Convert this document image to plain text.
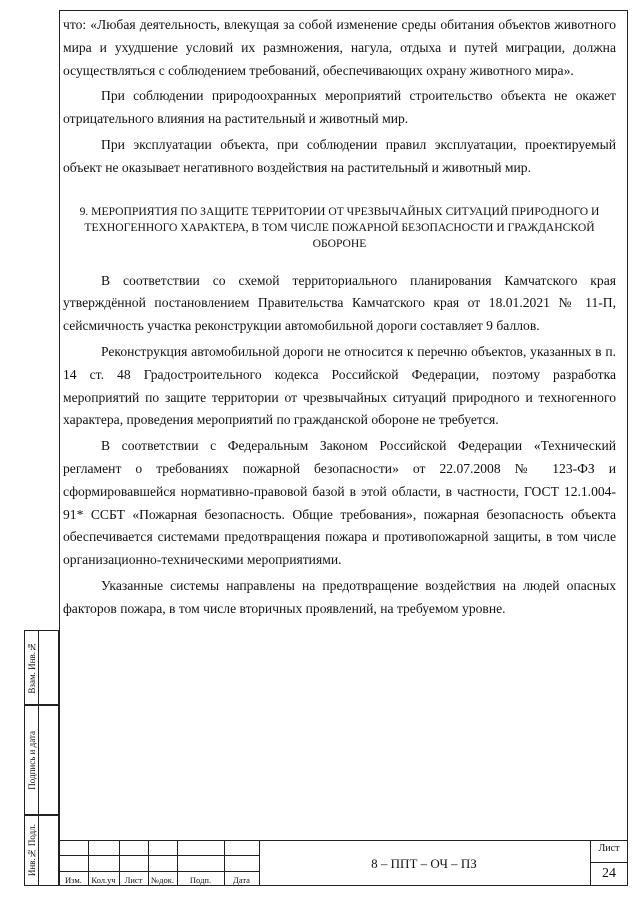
что: «Любая деятельность, влекущая за собой изменение среды обитания объектов животного мира и ухудшение условий их размножения, нагула, отдыха и путей миграции, должна осуществляться с соблюдением требований, обеспечивающих охрану животного мира».

При соблюдении природоохранных мероприятий строительство объекта не окажет отрицательного влияния на растительный и животный мир.

При эксплуатации объекта, при соблюдении правил эксплуатации, проектируемый объект не оказывает негативного воздействия на растительный и животный мир.

9. МЕРОПРИЯТИЯ ПО ЗАЩИТЕ ТЕРРИТОРИИ ОТ ЧРЕЗВЫЧАЙНЫХ СИТУАЦИЙ ПРИРОДНОГО И ТЕХНОГЕННОГО ХАРАКТЕРА, В ТОМ ЧИСЛЕ ПОЖАРНОЙ БЕЗОПАСНОСТИ И ГРАЖДАНСКОЙ ОБОРОНЕ

В соответствии со схемой территориального планирования Камчатского края утверждённой постановлением Правительства Камчатского края от 18.01.2021 № 11-П, сейсмичность участка реконструкции автомобильной дороги составляет 9 баллов.

Реконструкция автомобильной дороги не относится к перечню объектов, указанных в п. 14 ст. 48 Градостроительного кодекса Российской Федерации, поэтому разработка мероприятий по защите территории от чрезвычайных ситуаций природного и техногенного характера, проведения мероприятий по гражданской обороне не требуется.

В соответствии с Федеральным Законом Российской Федерации «Технический регламент о требованиях пожарной безопасности» от 22.07.2008 № 123-ФЗ и сформировавшейся нормативно-правовой базой в этой области, в частности, ГОСТ 12.1.004-91* ССБТ «Пожарная безопасность. Общие требования», пожарная безопасность объекта обеспечивается системами предотвращения пожара и противопожарной защиты, в том числе организационно-техническими мероприятиями.

Указанные системы направлены на предотвращение воздействия на людей опасных факторов пожара, в том числе вторичных проявлений, на требуемом уровне.

Взам. Инв.№
Подпись и дата
Инв.№ Подл.
Изм.	Кол.уч	Лист	№док.	Подп.	Дата
8 – ППТ – ОЧ – ПЗ
Лист
24
